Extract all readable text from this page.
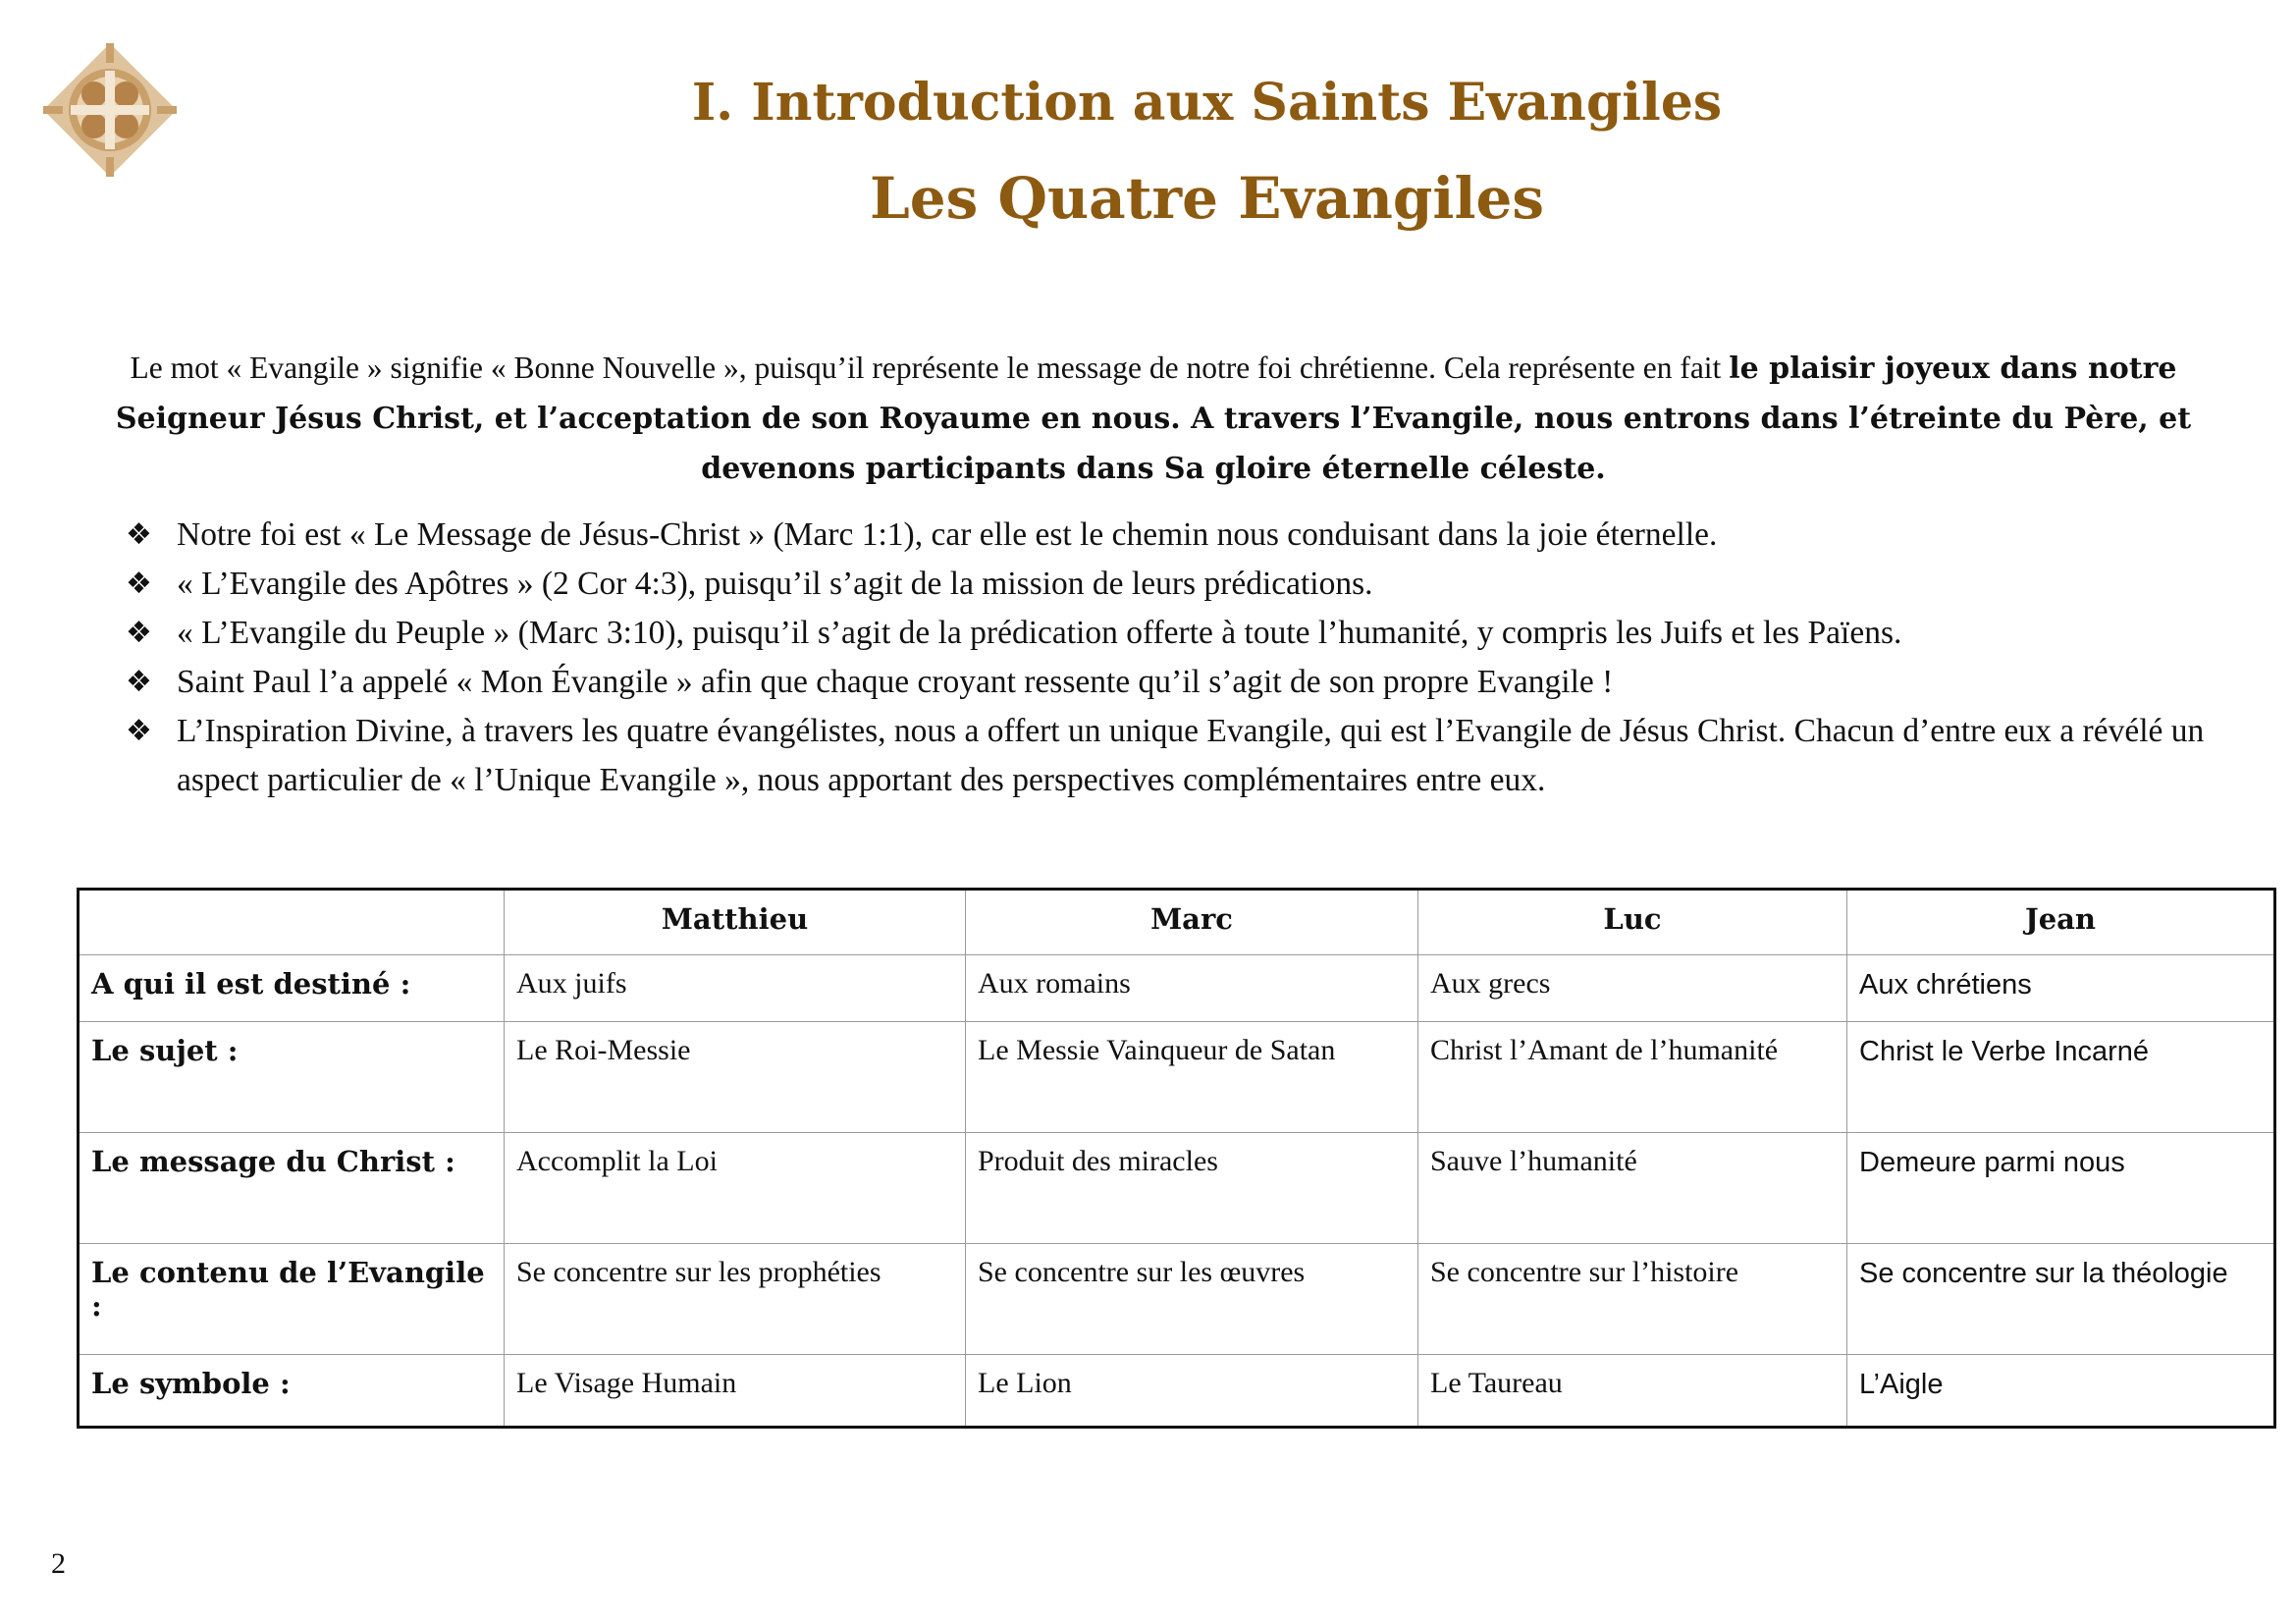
I. Introduction aux Saints Evangiles
Les Quatre Evangiles
Le mot « Evangile » signifie « Bonne Nouvelle », puisqu’il représente le message de notre foi chrétienne. Cela représente en fait le plaisir joyeux dans notre Seigneur Jésus Christ, et l’acceptation de son Royaume en nous. A travers l’Evangile, nous entrons dans l’étreinte du Père, et devenons participants dans Sa gloire éternelle céleste.
❖ Notre foi est « Le Message de Jésus-Christ » (Marc 1:1), car elle est le chemin nous conduisant dans la joie éternelle.
❖ « L’Evangile des Apôtres » (2 Cor 4:3), puisqu’il s’agit de la mission de leurs prédications.
❖ « L’Evangile du Peuple » (Marc 3:10), puisqu’il s’agit de la prédication offerte à toute l’humanité, y compris les Juifs et les Païens.
❖ Saint Paul l’a appelé « Mon Évangile » afin que chaque croyant ressente qu’il s’agit de son propre Evangile !
❖ L’Inspiration Divine, à travers les quatre évangélistes, nous a offert un unique Evangile, qui est l’Evangile de Jésus Christ. Chacun d’entre eux a révélé un aspect particulier de « l’Unique Evangile », nous apportant des perspectives complémentaires entre eux.
	Matthieu	Marc	Luc	Jean
A qui il est destiné :	Aux juifs	Aux romains	Aux grecs	Aux chrétiens
Le sujet :	Le Roi-Messie	Le Messie Vainqueur de Satan	Christ l’Amant de l’humanité	Christ le Verbe Incarné
Le message du Christ :	Accomplit la Loi	Produit des miracles	Sauve l’humanité	Demeure parmi nous
Le contenu de l’Evangile :	Se concentre sur les prophéties	Se concentre sur les œuvres	Se concentre sur l’histoire	Se concentre sur la théologie
Le symbole :	Le Visage Humain	Le Lion	Le Taureau	L’Aigle
2
